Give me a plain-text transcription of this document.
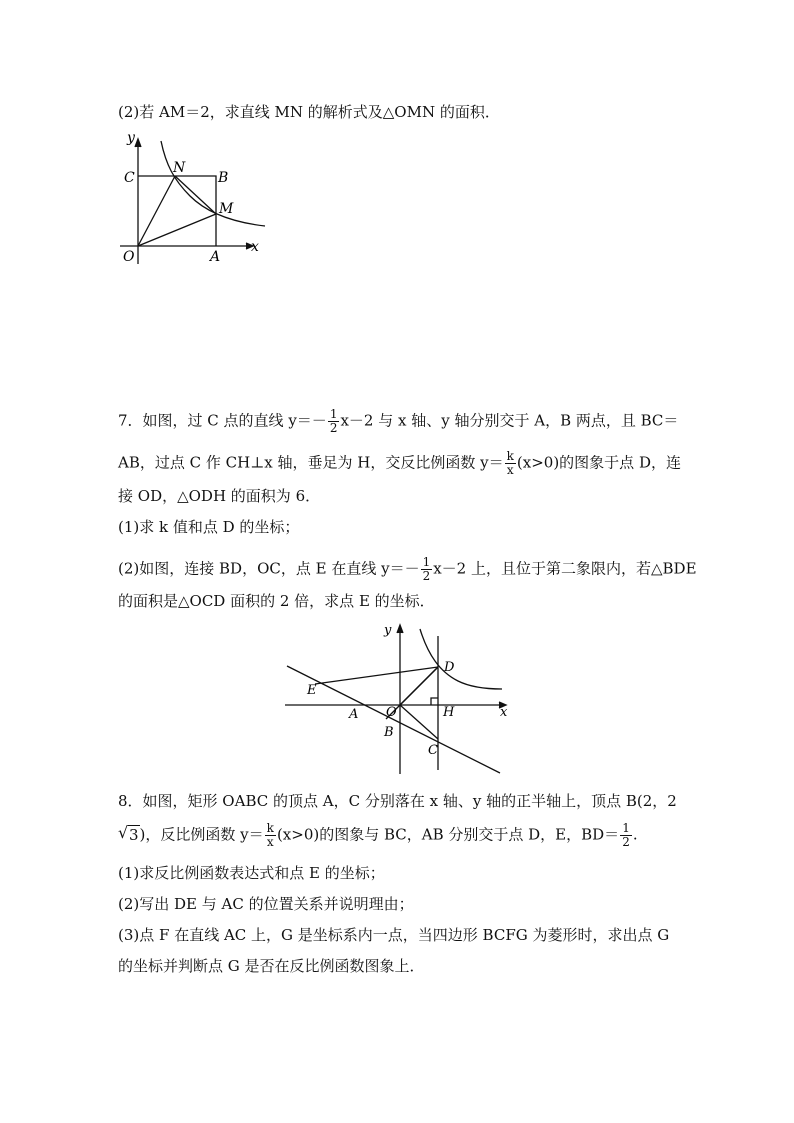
(2)若 AM＝2，求直线 MN 的解析式及△OMN 的面积．
y
x
C
N
B
M
O	A
7．如图，过 C 点的直线 $y=- \frac{1}{2} x-2$ 与 x 轴、y 轴分别交于 A，B 两点，且 BC＝
AB，过点 C 作 CH⊥x 轴，垂足为 H，交反比例函数 $y= \frac{k}{x} (x>0)$的图象于点 D，连
接 OD，△ODH 的面积为 6．
(1)求 k 值和点 D 的坐标；
(2)如图，连接 BD，OC，点 E 在直线 $y=- \frac{1}{2} x-2$ 上，且位于第二象限内，若△BDE
的面积是△OCD 面积的 2 倍，求点 E 的坐标．
y
x
D
E
A O	H
B
C
8．如图，矩形 OABC 的顶点 A，C 分别落在 x 轴、y 轴的正半轴上，顶点 B(2，2
√ 3)，反比例函数 $y= \frac{k}{x} (x>0)$的图象与 BC，AB 分别交于点 D，E，$BD= \frac{1}{2}$ .
(1)求反比例函数表达式和点 E 的坐标；
(2)写出 DE 与 AC 的位置关系并说明理由；
(3)点 F 在直线 AC 上，G 是坐标系内一点，当四边形 BCFG 为菱形时，求出点 G
的坐标并判断点 G 是否在反比例函数图象上．
